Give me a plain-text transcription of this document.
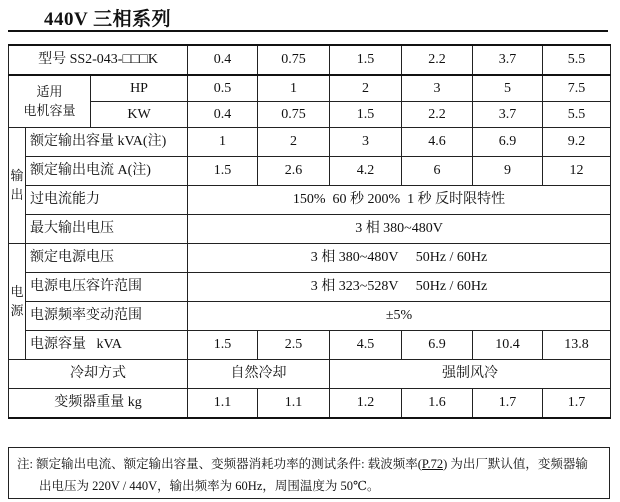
440V 三相系列
型号 SS2-043-□□□K			0.4	0.75	1.5	2.2	3.7	5.5

适用
电机容量		HP	0.5	1	2	3	5	7.5
		KW	0.4	0.75	1.5	2.2	3.7	5.5

输
出	额定输出容量 kVA(注)		1	2	3	4.6	6.9	9.2
	额定输出电流 A(注)		1.5	2.6	4.2	6	9	12
	过电流能力		150%  60 秒 200%  1 秒 反时限特性					
	最大输出电压		3 相 380~480V					

电
源	额定电源电压		3 相 380~480V     50Hz / 60Hz					
	电源电压容许范围		3 相 323~528V     50Hz / 60Hz					
	电源频率变动范围		±5%					
	电源容量   kVA		1.5	2.5	4.5	6.9	10.4	13.8
冷却方式			自然冷却		强制风冷			
变频器重量 kg			1.1	1.1	1.2	1.6	1.7	1.7
注: 额定输出电流、额定输出容量、变频器消耗功率的测试条件: 载波频率(P.72) 为出厂默认值，变频器输
出电压为 220V / 440V，输出频率为 60Hz，周围温度为 50℃。
